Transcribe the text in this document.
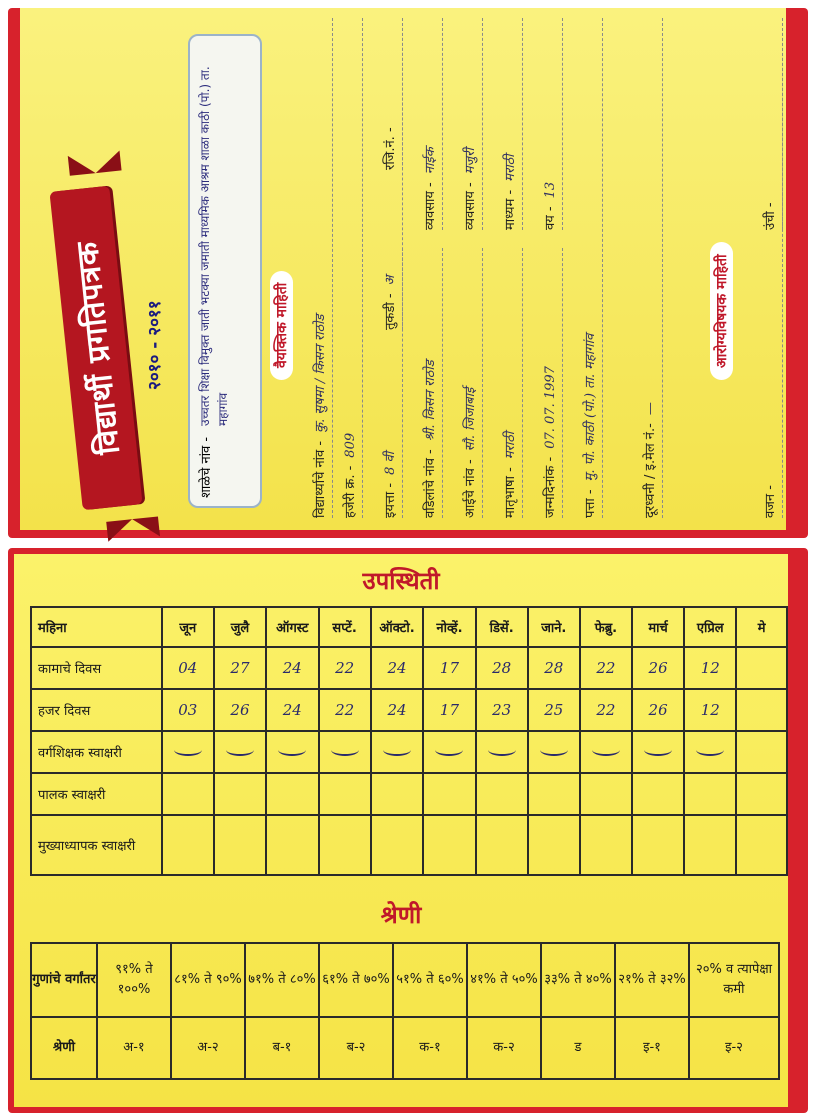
विद्यार्थी प्रगतिपत्रक २०१० - २०११
शाळेचे नांव -
उच्चतर शिक्षा विमुक्त जाती भटक्या जमाती माध्यमिक आश्रम शाळा काठी (पो.) ता. महागांव
वैयक्तिक माहिती
विद्यार्थ्याचे नांव -कु. सुषमा / किसन राठोड
हजेरी क्र. -809
इयत्ता -8 वी
तुकडी -अ
रजि.नं. -
वडिलांचे नांव -श्री. किसन राठोड
व्यवसाय -नाईक
आईचे नांव -सौ. जिजाबाई
व्यवसाय -मजुरी
मातृभाषा -मराठी
माध्यम -मराठी
जन्मदिनांक -07. 07. 1997
वय -13
पत्ता -मु. पो. काठी (पो.) ता. महागांव	दूरध्वनी / इ.मेल नं.-—
वजन -
उंची -
आरोग्यविषयक माहिती
उपस्थिती
महिना	जून	जुलै	ऑगस्ट	सप्टें.	ऑक्टो.	नोव्हें.	डिसें.	जाने.	फेब्रु.	मार्च	एप्रिल	मे
कामाचे दिवस	04	27	24	22	24	17	28	28	22	26	12	
हजर दिवस	03	26	24	22	24	17	23	25	22	26	12	
वर्गशिक्षक स्वाक्षरी												
पालक स्वाक्षरी												
मुख्याध्यापक स्वाक्षरी												
श्रेणी
गुणांचे वर्गांतर	९१% ते १००%	८१% ते ९०%	७१% ते ८०%	६१% ते ७०%	५१% ते ६०%	४१% ते ५०%	३३% ते ४०%	२१% ते ३२%	२०% व त्यापेक्षा कमी
श्रेणी	अ-१	अ-२	ब-१	ब-२	क-१	क-२	ड	इ-१	इ-२
